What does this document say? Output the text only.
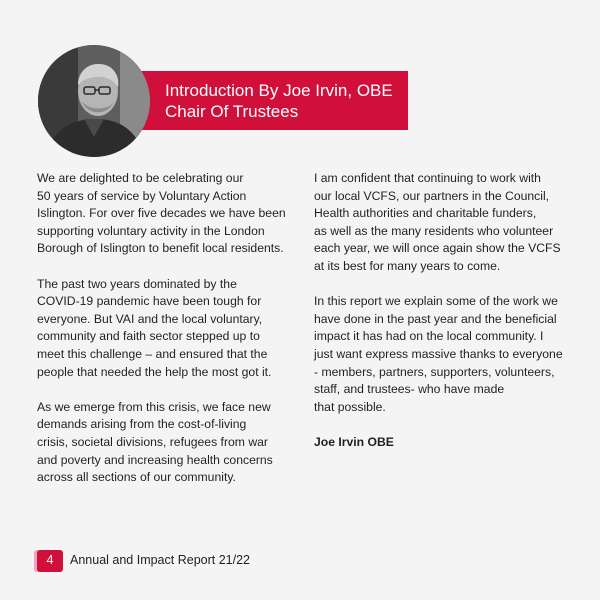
Introduction By Joe Irvin, OBE
Chair Of Trustees

We are delighted to be celebrating our
50 years of service by Voluntary Action
Islington. For over five decades we have been
supporting voluntary activity in the London
Borough of Islington to benefit local residents.

The past two years dominated by the
COVID-19 pandemic have been tough for
everyone. But VAI and the local voluntary,
community and faith sector stepped up to
meet this challenge – and ensured that the
people that needed the help the most got it.

As we emerge from this crisis, we face new
demands arising from the cost-of-living
crisis, societal divisions, refugees from war
and poverty and increasing health concerns
across all sections of our community.

I am confident that continuing to work with
our local VCFS, our partners in the Council,
Health authorities and charitable funders,
as well as the many residents who volunteer
each year, we will once again show the VCFS
at its best for many years to come.

In this report we explain some of the work we
have done in the past year and the beneficial
impact it has had on the local community. I
just want express massive thanks to everyone
- members, partners, supporters, volunteers,
staff, and trustees- who have made
that possible.

Joe Irvin OBE

4	Annual and Impact Report 21/22
